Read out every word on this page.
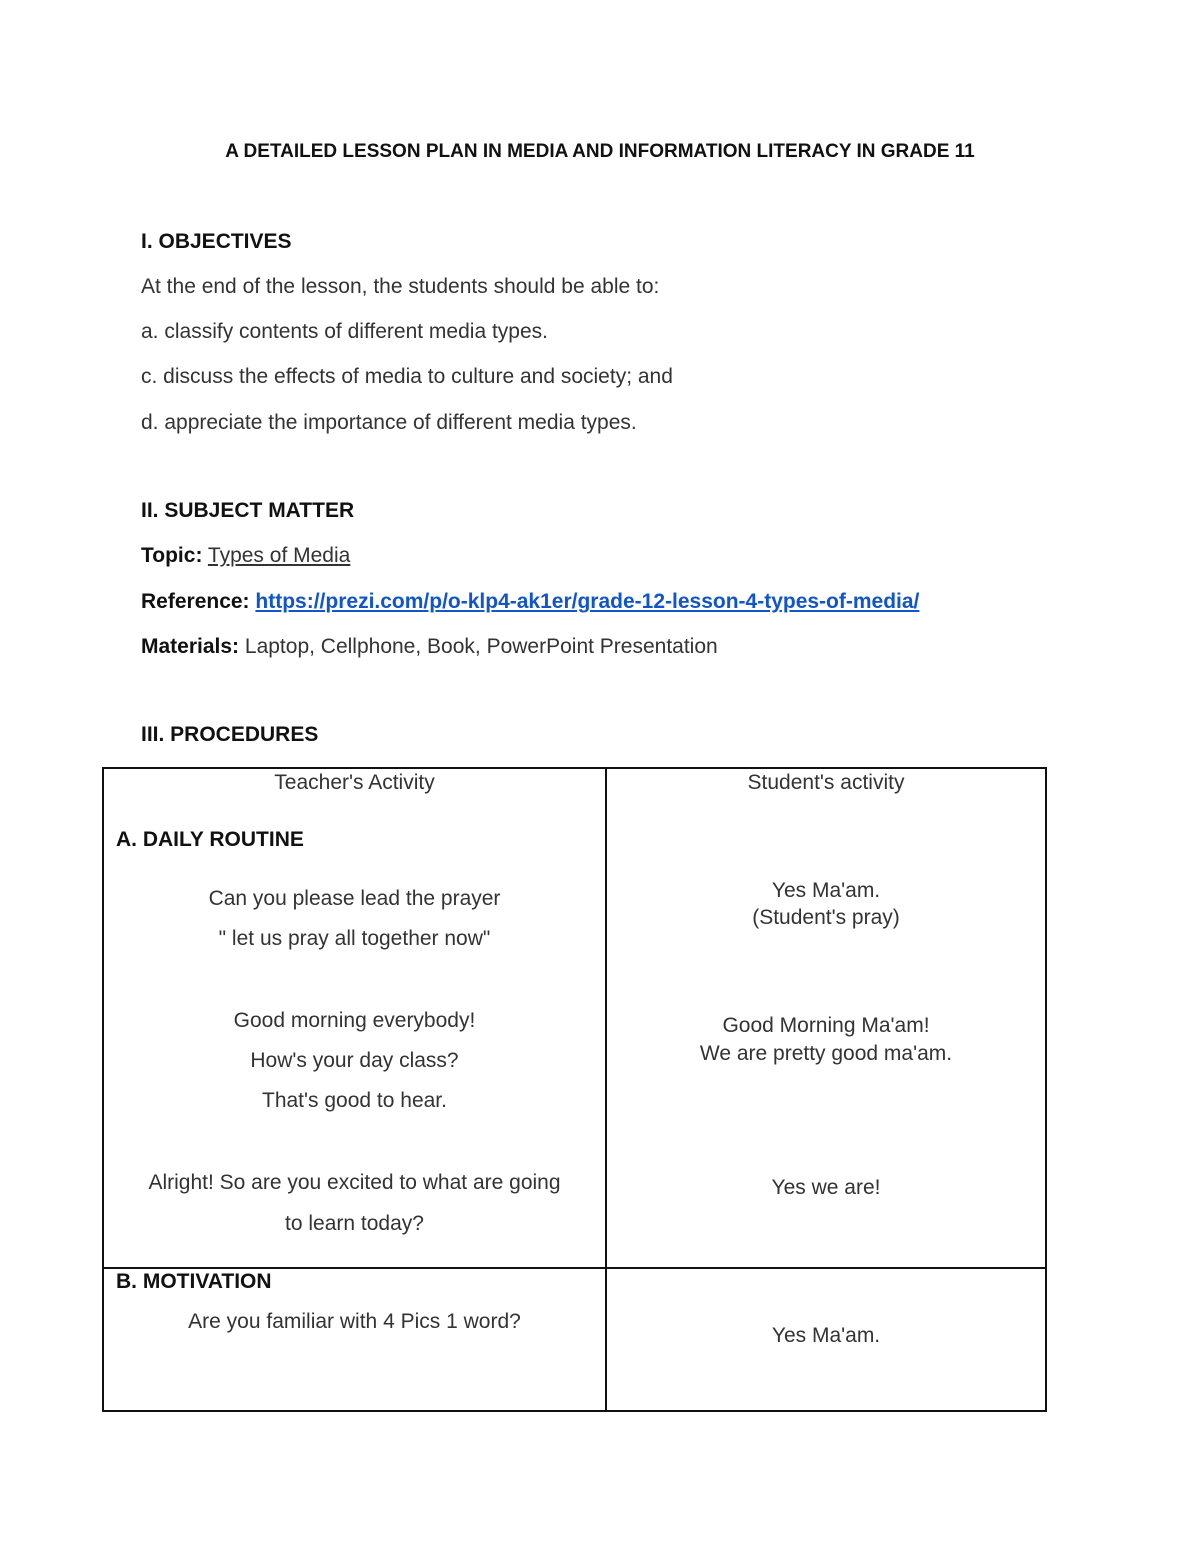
A DETAILED LESSON PLAN IN MEDIA AND INFORMATION LITERACY IN GRADE 11
I. OBJECTIVES
At the end of the lesson, the students should be able to:
a. classify contents of different media types.
c. discuss the effects of media to culture and society; and
d. appreciate the importance of different media types.
II. SUBJECT MATTER
Topic: Types of Media
Reference: https://prezi.com/p/o-klp4-ak1er/grade-12-lesson-4-types-of-media/
Materials: Laptop, Cellphone, Book, PowerPoint Presentation
III. PROCEDURES
Teacher's Activity	Student's activity
A. DAILY ROUTINE
Can you please lead the prayer
" let us pray all together now"
Good morning everybody!
How's your day class?
That's good to hear.
Alright! So are you excited to what are going
to learn today?
Yes Ma'am.
(Student's pray)
Good Morning Ma'am!
We are pretty good ma'am.
Yes we are!
B. MOTIVATION
Are you familiar with 4 Pics 1 word?
Yes Ma'am.
